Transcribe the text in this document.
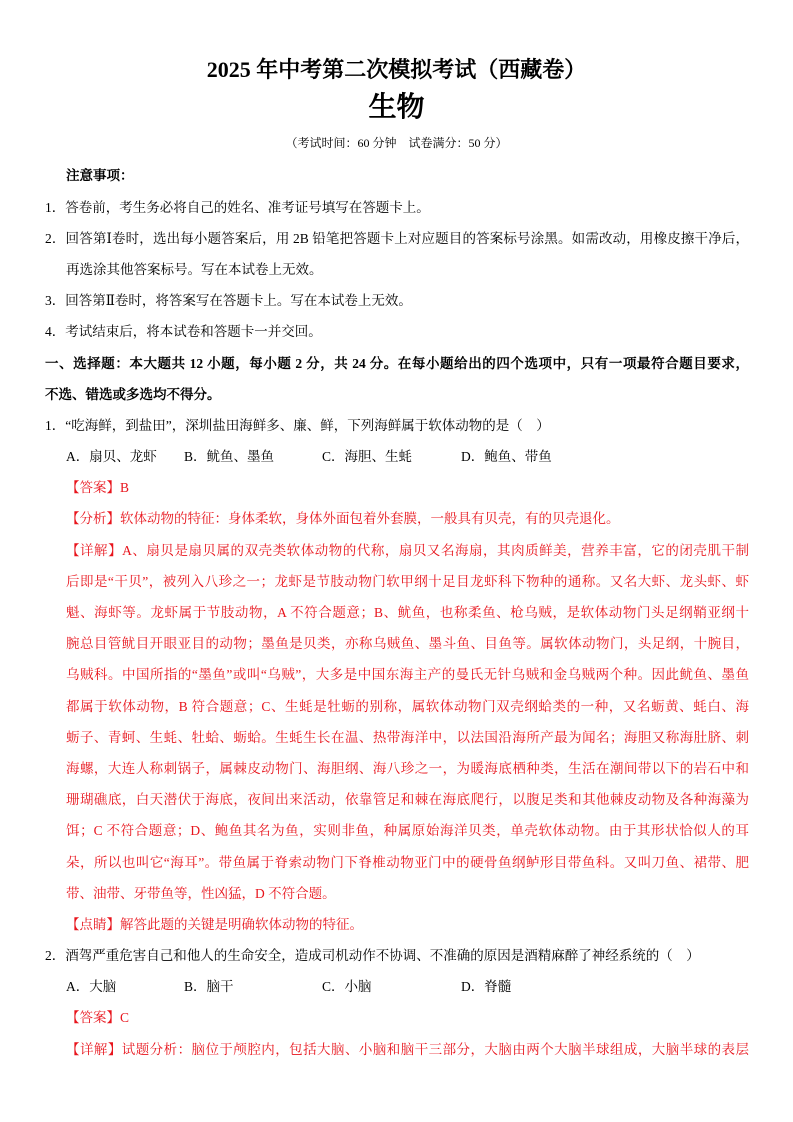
2025 年中考第二次模拟考试（西藏卷）
生物
（考试时间：60 分钟　试卷满分：50 分）
注意事项：
1．答卷前，考生务必将自己的姓名、准考证号填写在答题卡上。
2．回答第Ⅰ卷时，选出每小题答案后，用 2B 铅笔把答题卡上对应题目的答案标号涂黑。如需改动，用橡皮擦干净后，
再选涂其他答案标号。写在本试卷上无效。
3．回答第Ⅱ卷时，将答案写在答题卡上。写在本试卷上无效。
4．考试结束后，将本试卷和答题卡一并交回。
一、选择题：本大题共 12 小题，每小题 2 分，共 24 分。在每小题给出的四个选项中，只有一项最符合题目要求，
不选、错选或多选均不得分。
1．“吃海鲜，到盐田”，深圳盐田海鲜多、廉、鲜，下列海鲜属于软体动物的是（　）
A．扇贝、龙虾	B．鱿鱼、墨鱼	C．海胆、生蚝	D．鲍鱼、带鱼
【答案】B
【分析】软体动物的特征：身体柔软，身体外面包着外套膜，一般具有贝壳，有的贝壳退化。
【详解】A、扇贝是扇贝属的双壳类软体动物的代称，扇贝又名海扇，其肉质鲜美，营养丰富，它的闭壳肌干制
后即是“干贝”，被列入八珍之一；龙虾是节肢动物门软甲纲十足目龙虾科下物种的通称。又名大虾、龙头虾、虾
魁、海虾等。龙虾属于节肢动物，A 不符合题意；B、鱿鱼，也称柔鱼、枪乌贼，是软体动物门头足纲鞘亚纲十
腕总目管鱿目开眼亚目的动物；墨鱼是贝类，亦称乌贼鱼、墨斗鱼、目鱼等。属软体动物门，头足纲，十腕目，
乌贼科。中国所指的“墨鱼”或叫“乌贼”，大多是中国东海主产的曼氏无针乌贼和金乌贼两个种。因此鱿鱼、墨鱼
都属于软体动物，B 符合题意；C、生蚝是牡蛎的别称，属软体动物门双壳纲蛤类的一种，又名蛎黄、蚝白、海
蛎子、青蚵、生蚝、牡蛤、蛎蛤。生蚝生长在温、热带海洋中，以法国沿海所产最为闻名；海胆又称海肚脐、刺
海螺，大连人称刺锅子，属棘皮动物门、海胆纲、海八珍之一，为暖海底栖种类，生活在潮间带以下的岩石中和
珊瑚礁底，白天潜伏于海底，夜间出来活动，依靠管足和棘在海底爬行，以腹足类和其他棘皮动物及各种海藻为
饵；C 不符合题意；D、鲍鱼其名为鱼，实则非鱼，种属原始海洋贝类，单壳软体动物。由于其形状恰似人的耳
朵，所以也叫它“海耳”。带鱼属于脊索动物门下脊椎动物亚门中的硬骨鱼纲鲈形目带鱼科。又叫刀鱼、裙带、肥
带、油带、牙带鱼等，性凶猛，D 不符合题。
【点睛】解答此题的关键是明确软体动物的特征。
2．酒驾严重危害自己和他人的生命安全，造成司机动作不协调、不准确的原因是酒精麻醉了神经系统的（　）
A．大脑	B．脑干	C．小脑	D．脊髓
【答案】C
【详解】试题分析：脑位于颅腔内，包括大脑、小脑和脑干三部分，大脑由两个大脑半球组成，大脑半球的表层
